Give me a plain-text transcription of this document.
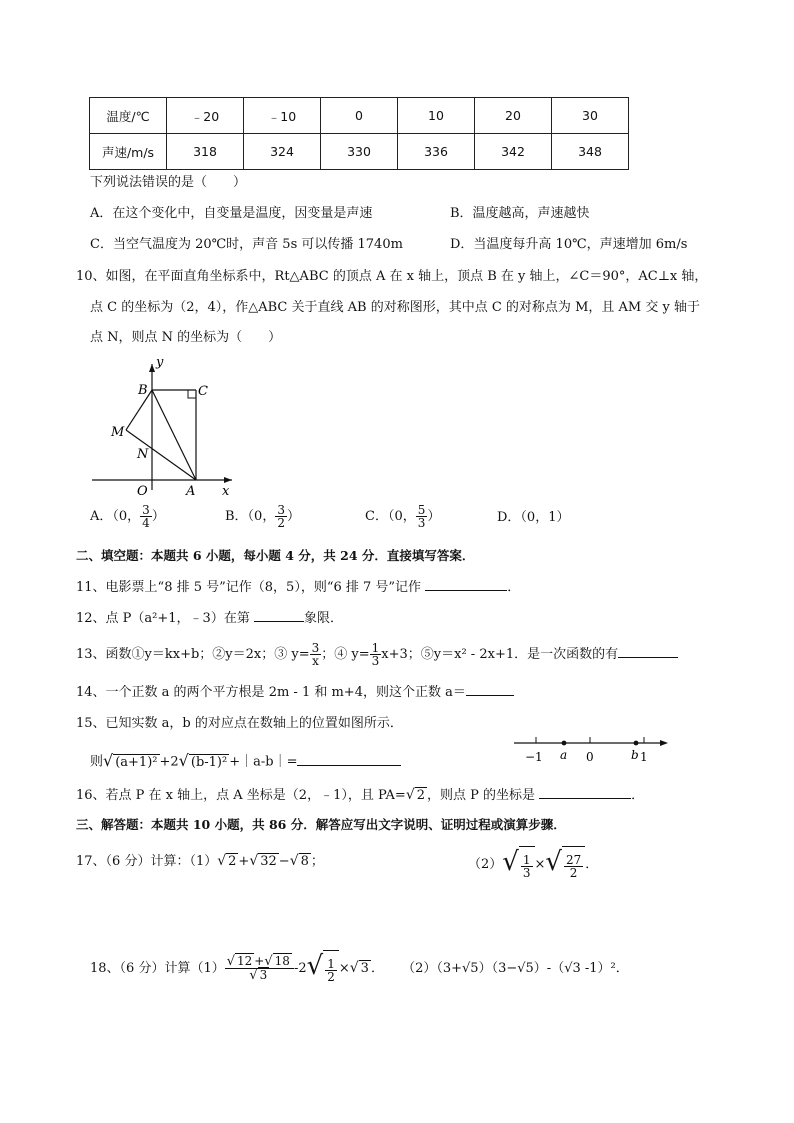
温度/℃	﹣20	﹣10	0	10	20	30
声速/m/s	318	324	330	336	342	348
下列说法错误的是（　　）
A．在这个变化中，自变量是温度，因变量是声速	B．温度越高，声速越快
C．当空气温度为 20℃时，声音 5s 可以传播 1740m	D．当温度每升高 10℃，声速增加 6m/s
10、如图，在平面直角坐标系中，Rt△ABC 的顶点 A 在 x 轴上，顶点 B 在 y 轴上，∠C＝90°，AC⊥x 轴，
点 C 的坐标为（2，4），作△ABC 关于直线 AB 的对称图形，其中点 C 的对称点为 M，且 AM 交 y 轴于
点 N，则点 N 的坐标为（　　）
y
x
B	C
M
N
O	A
A．（0， $\frac{3}{4}$ ）	B．（0， $\frac{3}{2}$ ）	C．（0， $\frac{5}{3}$ ）	D．（0，1）
二、填空题：本题共 6 小题，每小题 4 分，共 24 分．直接填写答案．
11、电影票上“8 排 5 号”记作（8，5），则“6 排 7 号”记作	．
12、点 P（a²+1，﹣3）在第	象限．
13、函数①y＝kx+b；②y＝2x；③ $y= \frac{3}{x}$ ；④ $y= \frac{1}{3} x+3$；⑤y＝x² - 2x+1．是一次函数的有
14、一个正数 a 的两个平方根是 2m - 1 和 m+4，则这个正数 a＝
15、已知实数 a，b 的对应点在数轴上的位置如图所示．
则√ (a+1)² +2√ (b-1)² +｜a-b｜=	−1 a 0	b 1
16、若点 P 在 x 轴上，点 A 坐标是（2，﹣1），且 PA=√ 2 ，则点 P 的坐标是	．
三、解答题：本题共 10 小题，共 86 分．解答应写出文字说明、证明过程或演算步骤．
17、（6 分）计算：（1）√ 2 +√ 32 −√ 8 ；	$(2)√ \frac{1}{3}$ ×√ $\frac{27}{2}$ ．
18、（6 分）计算$(1) \frac{√ 12 +√ 18}{√ 3} -2√ \frac{1}{2}$ ×√ 3 ． （2）（3+√5）（3−√5）-（√3 -1）²．
